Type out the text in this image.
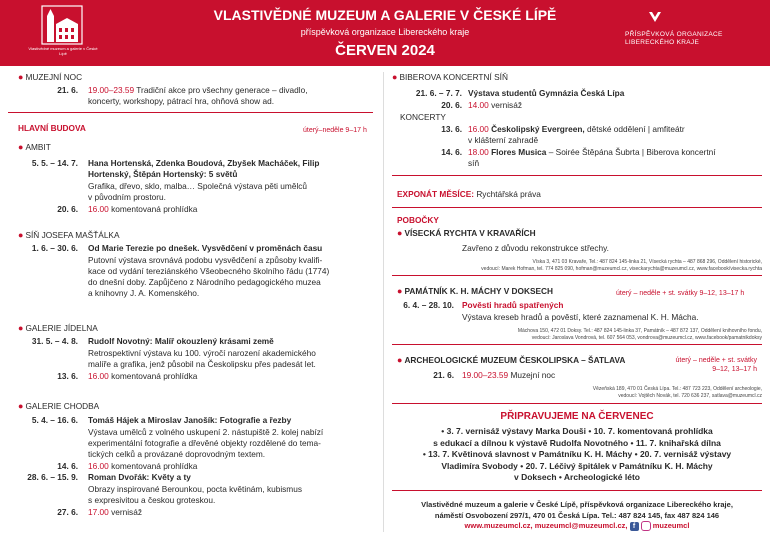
Vlastivědné muzeum a galerie v České Lípě
VLASTIVĚDNÉ MUZEUM A GALERIE V ČESKÉ LÍPĚ
příspěvková organizace Libereckého kraje
ČERVEN 2024
PŘÍSPĚVKOVÁ ORGANIZACE
LIBERECKÉHO KRAJE
● MUZEJNÍ NOC
21. 6. 19.00–23.59 Tradiční akce pro všechny generace – divadlo,
koncerty, workshopy, pátrací hra, ohňová show ad.
HLAVNÍ BUDOVA	úterý–neděle 9–17 h
● AMBIT
5. 5. – 14. 7. Hana Hortenská, Zdenka Boudová, Zbyšek Macháček, Filip
Hortenský, Štěpán Hortenský: 5 světů
Grafika, dřevo, sklo, malba… Společná výstava pěti umělců
v původním prostoru.
20. 6. 16.00 komentovaná prohlídka
● SÍŇ JOSEFA MAŠŤÁLKA
1. 6. – 30. 6. Od Marie Terezie po dnešek. Vysvědčení v proměnách času
Putovní výstava srovnává podobu vysvědčení a způsoby kvalifi-
kace od vydání tereziánského Všeobecného školního řádu (1774)
do dnešní doby. Zapůjčeno z Národního pedagogického muzea
a knihovny J. A. Komenského.
● GALERIE JÍDELNA
31. 5. – 4. 8. Rudolf Novotný: Malíř okouzlený krásami země
Retrospektivní výstava ku 100. výročí narození akademického
malíře a grafika, jenž působil na Českolipsku přes padesát let.
13. 6. 16.00 komentovaná prohlídka
● GALERIE CHODBA
5. 4. – 16. 6. Tomáš Hájek a Miroslav Janošík: Fotografie a řezby
Výstava umělců z volného uskupení 2. nástupiště 2. kolej nabízí
experimentální fotografie a dřevěné objekty rozdělené do tema-
tických celků a provázané doprovodným textem.
14. 6. 16.00 komentovaná prohlídka
28. 6. – 15. 9. Roman Dvořák: Květy a ty
Obrazy inspirované Berounkou, pocta květinám, kubismus
s expresivitou a českou groteskou.
27. 6. 17.00 vernisáž
● BIBEROVA KONCERTNÍ SÍŇ
21. 6. – 7. 7. Výstava studentů Gymnázia Česká Lípa
20. 6. 14.00 vernisáž
KONCERTY
13. 6. 16.00 Českolipský Evergreen, dětské oddělení | amfiteátr
v klášterní zahradě
14. 6. 18.00 Flores Musica – Soirée Štěpána Šubrta | Biberova koncertní
síň
EXPONÁT MĚSÍCE: Rychtářská práva
POBOČKY
● VÍSECKÁ RYCHTA V KRAVAŘÍCH
Zavřeno z důvodu rekonstrukce střechy.
Víska 3, 471 03 Kravaře, Tel.: 487 824 145-linka 21, Vísecká rychta – 487 868 296, Oddělení historické,
vedoucí: Marek Hofman, tel. 774 825 090, hofman@muzeumcl.cz, viseckarychta@muzeumcl.cz, www.facebook/visecka.rychta
● PAMÁTNÍK K. H. MÁCHY V DOKSECH	úterý – neděle + st. svátky 9–12, 13–17 h
6. 4. – 28. 10. Pověsti hradů spatřených
Výstava kreseb hradů a pověstí, které zaznamenal K. H. Mácha.
Máchova 150, 472 01 Doksy. Tel.: 487 824 145-linka 37, Památník – 487 872 137, Oddělení knihovního fondu,
vedoucí: Jaroslava Vondrová, tel. 607 564 053, vondrova@muzeumcl.cz, www.facebook/pamatnikdoksy
● ARCHEOLOGICKÉ MUZEUM ČESKOLIPSKA – ŠATLAVA	úterý – neděle + st. svátky
9–12, 13–17 h
21. 6. 19.00–23.59 Muzejní noc
Vězeňská 189, 470 01 Česká Lípa. Tel.: 487 723 223, Oddělení archeologie,
vedoucí: Vojtěch Novák, tel. 720 636 237, satlava@muzeumcl.cz
PŘIPRAVUJEME NA ČERVENEC
• 3. 7. vernisáž výstavy Marka Douši • 10. 7. komentovaná prohlídka
s edukací a dílnou k výstavě Rudolfa Novotného • 11. 7. knihařská dílna
• 13. 7. Květinová slavnost v Památníku K. H. Máchy • 20. 7. vernisáž výstavy
Vladimíra Svobody • 20. 7. Léčivý špitálek v Památníku K. H. Máchy
v Doksech • Archeologické léto
Vlastivědné muzeum a galerie v České Lípě, příspěvková organizace Libereckého kraje,
náměstí Osvobození 297/1, 470 01 Česká Lípa. Tel.: 487 824 145, fax 487 824 146
www.muzeumcl.cz, muzeumcl@muzeumcl.cz, f muzeumcl
